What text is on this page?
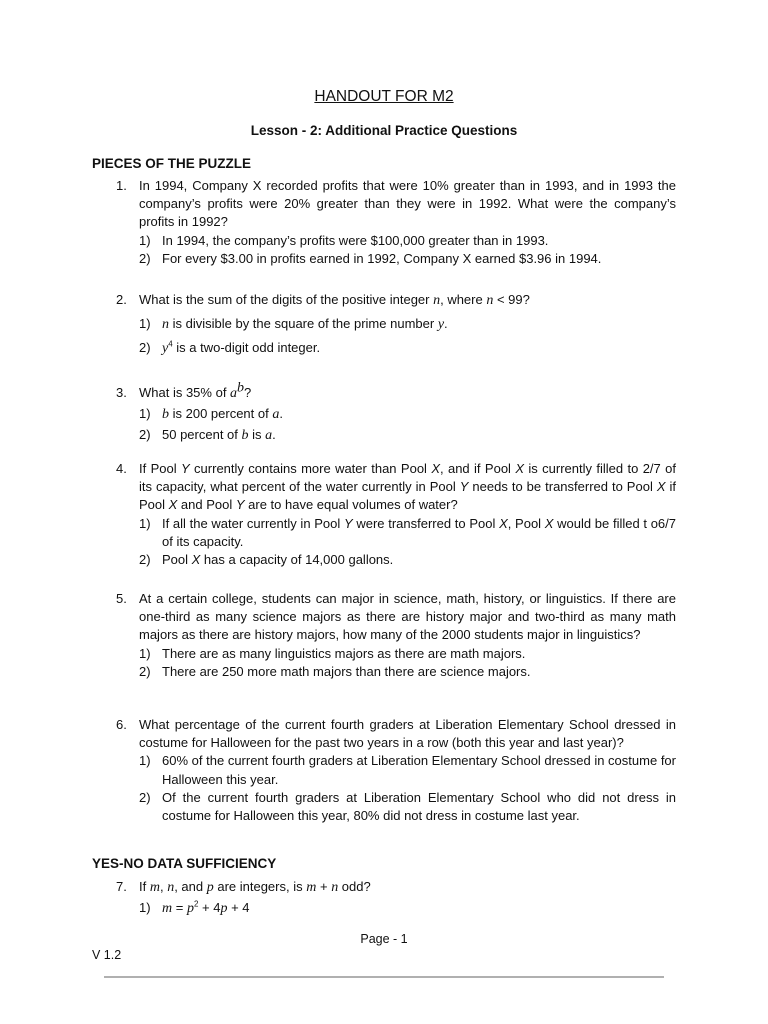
HANDOUT FOR M2
Lesson - 2: Additional Practice Questions
PIECES OF THE PUZZLE
1. In 1994, Company X recorded profits that were 10% greater than in 1993, and in 1993 the company’s profits were 20% greater than they were in 1992. What were the company’s profits in 1992?
1) In 1994, the company’s profits were $100,000 greater than in 1993.
2) For every $3.00 in profits earned in 1992, Company X earned $3.96 in 1994.
2. What is the sum of the digits of the positive integer n, where n < 99?
1) n is divisible by the square of the prime number y.
2) $y^4$ is a two-digit odd integer.
3. What is 35% of $a^b$?
1) b is 200 percent of a.
2) 50 percent of b is a.
4. If Pool Y currently contains more water than Pool X, and if Pool X is currently filled to 2/7 of its capacity, what percent of the water currently in Pool Y needs to be transferred to Pool X if Pool X and Pool Y are to have equal volumes of water?
1) If all the water currently in Pool Y were transferred to Pool X, Pool X would be filled t o6/7 of its capacity.
2) Pool X has a capacity of 14,000 gallons.
5. At a certain college, students can major in science, math, history, or linguistics. If there are one-third as many science majors as there are history major and two-third as many math majors as there are history majors, how many of the 2000 students major in linguistics?
1) There are as many linguistics majors as there are math majors.
2) There are 250 more math majors than there are science majors.
6. What percentage of the current fourth graders at Liberation Elementary School dressed in costume for Halloween for the past two years in a row (both this year and last year)?
1) 60% of the current fourth graders at Liberation Elementary School dressed in costume for Halloween this year.
2) Of the current fourth graders at Liberation Elementary School who did not dress in costume for Halloween this year, 80% did not dress in costume last year.
YES-NO DATA SUFFICIENCY
7. If m, n, and p are integers, is m + n odd?
1) $m = p^2 + 4p + 4$
Page - 1
V 1.2
